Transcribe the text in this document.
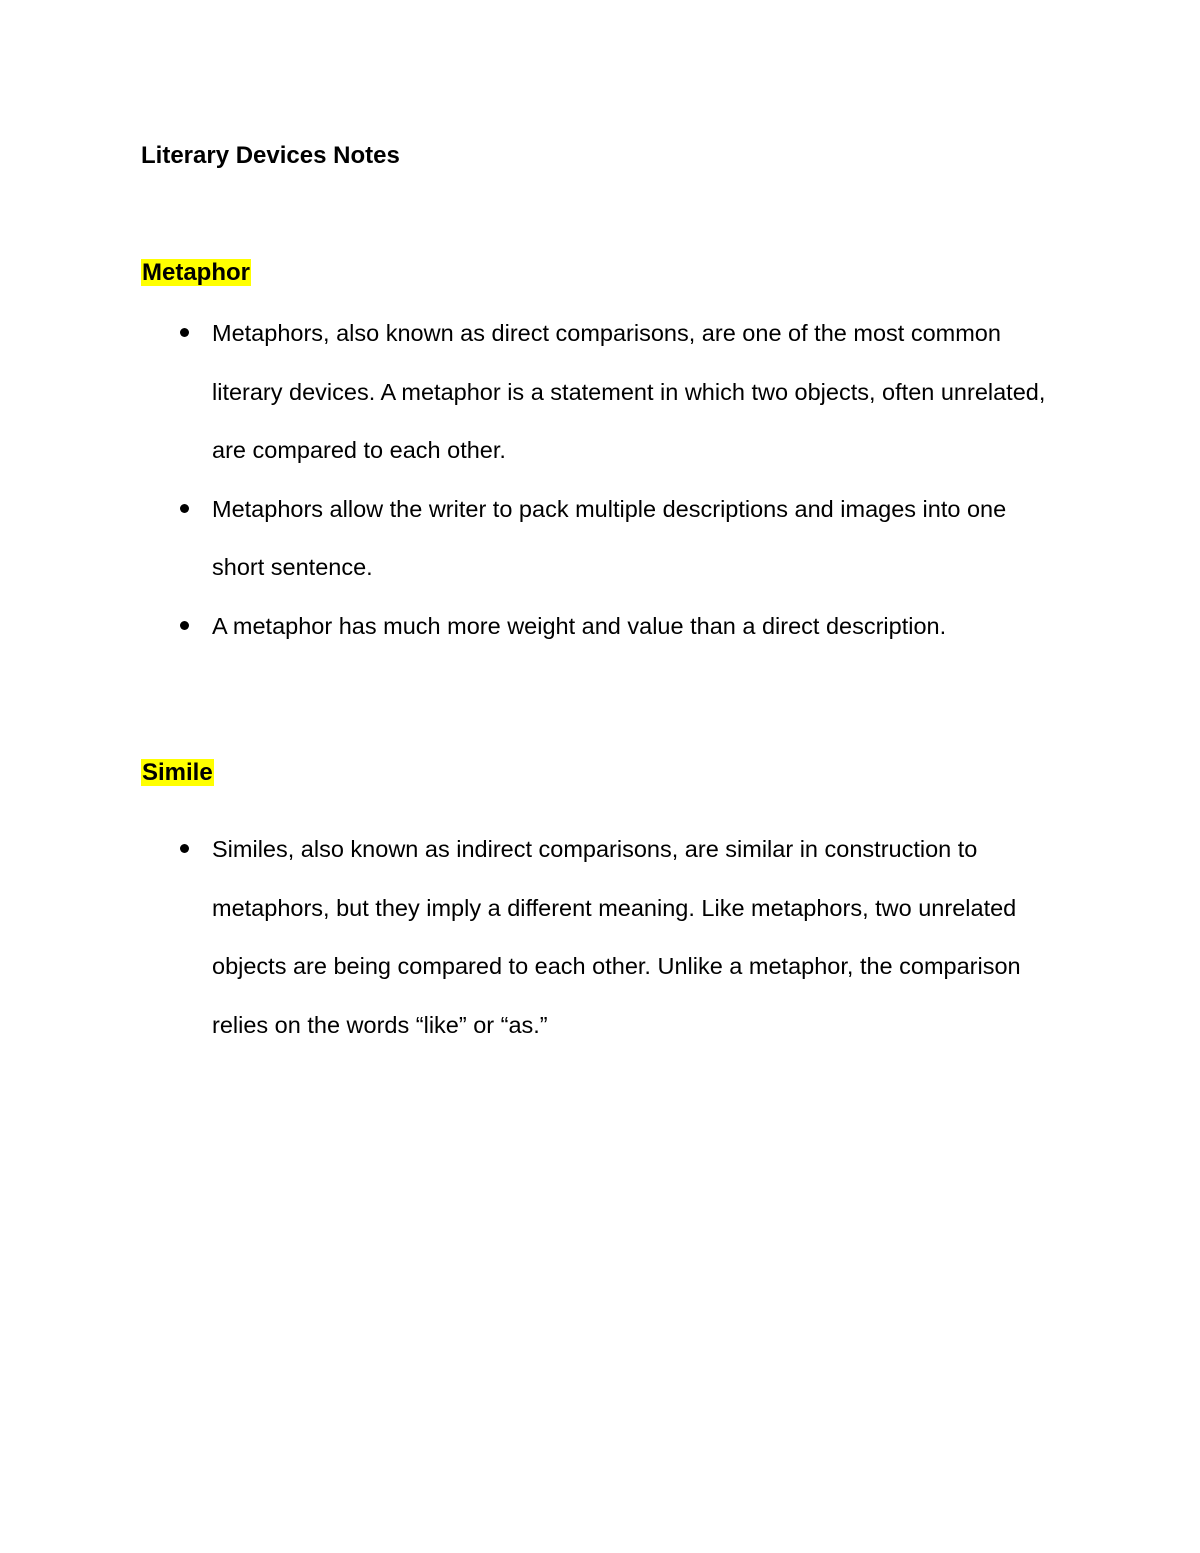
Literary Devices Notes
Metaphor
Metaphors, also known as direct comparisons, are one of the most common literary devices. A metaphor is a statement in which two objects, often unrelated, are compared to each other.
Metaphors allow the writer to pack multiple descriptions and images into one short sentence.
A metaphor has much more weight and value than a direct description.
Simile
Similes, also known as indirect comparisons, are similar in construction to metaphors, but they imply a different meaning. Like metaphors, two unrelated objects are being compared to each other. Unlike a metaphor, the comparison relies on the words “like” or “as.”
